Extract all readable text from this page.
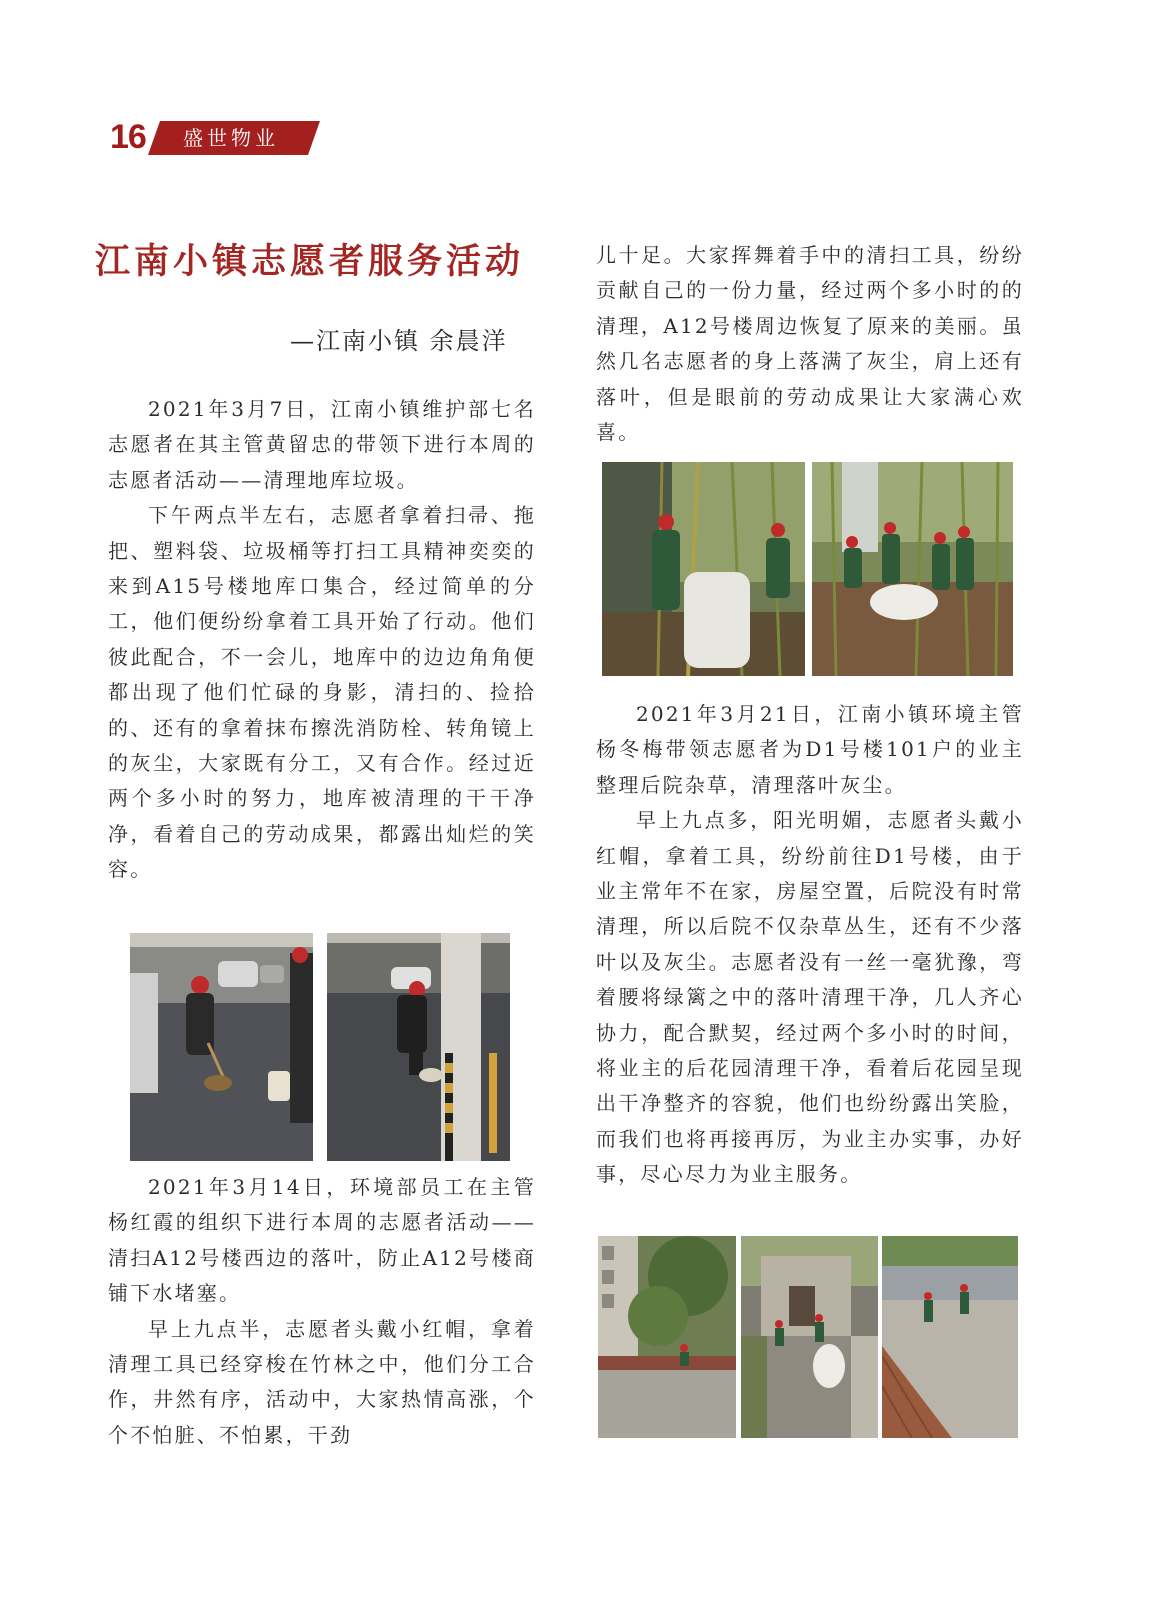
16 盛世物业
江南小镇志愿者服务活动
—江南小镇 余晨洋

2021年3月7日，江南小镇维护部七名志愿者在其主管黄留忠的带领下进行本周的志愿者活动——清理地库垃圾。

下午两点半左右，志愿者拿着扫帚、拖把、塑料袋、垃圾桶等打扫工具精神奕奕的来到A15号楼地库口集合，经过简单的分工，他们便纷纷拿着工具开始了行动。他们彼此配合，不一会儿，地库中的边边角角便都出现了他们忙碌的身影，清扫的、捡拾的、还有的拿着抹布擦洗消防栓、转角镜上的灰尘，大家既有分工，又有合作。经过近两个多小时的努力，地库被清理的干干净净，看着自己的劳动成果，都露出灿烂的笑容。

2021年3月14日，环境部员工在主管杨红霞的组织下进行本周的志愿者活动——清扫A12号楼西边的落叶，防止A12号楼商铺下水堵塞。

早上九点半，志愿者头戴小红帽，拿着清理工具已经穿梭在竹林之中，他们分工合作，井然有序，活动中，大家热情高涨，个个不怕脏、不怕累，干劲

儿十足。大家挥舞着手中的清扫工具，纷纷贡献自己的一份力量，经过两个多小时的的清理，A12号楼周边恢复了原来的美丽。虽然几名志愿者的身上落满了灰尘，肩上还有落叶，但是眼前的劳动成果让大家满心欢喜。

2021年3月21日，江南小镇环境主管杨冬梅带领志愿者为D1号楼101户的业主整理后院杂草，清理落叶灰尘。

早上九点多，阳光明媚，志愿者头戴小红帽，拿着工具，纷纷前往D1号楼，由于业主常年不在家，房屋空置，后院没有时常清理，所以后院不仅杂草丛生，还有不少落叶以及灰尘。志愿者没有一丝一毫犹豫，弯着腰将绿篱之中的落叶清理干净，几人齐心协力，配合默契，经过两个多小时的时间，将业主的后花园清理干净，看着后花园呈现出干净整齐的容貌，他们也纷纷露出笑脸，而我们也将再接再厉，为业主办实事，办好事，尽心尽力为业主服务。
